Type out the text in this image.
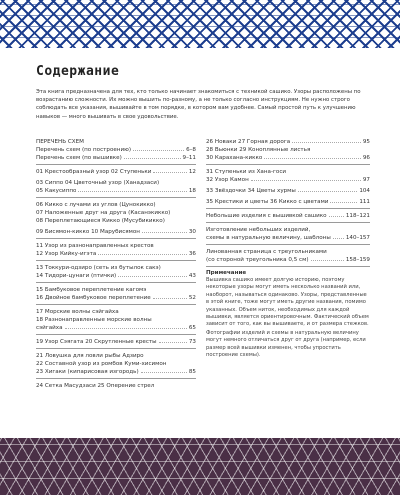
Содержание
Эта книга предназначена для тех, кто только начинает знакомиться с техникой сашико. Узоры расположены по возрастанию сложности. Их можно вышить по-разному, а не только согласно инструкциям. Не нужно строго соблюдать все указания, вышивайте в том порядке, в котором вам удобнее. Самый простой путь к улучшению навыков — много вышивать в свое удовольствие.
ПЕРЕЧЕНЬ СХЕМ
Перечень схем (по построению)	6–8
Перечень схем (по вышивке)	9–11
01 Крестообразный узор 02 Ступеньки	12
03 Сиппо 04 Цветочный узор (Ханадзаси)
05 Какусиппо	18
06 Кикко с лучами из углов (Цунокикко)
07 Наложенные друг на друга (Касанэкикко)
08 Переплетающиеся Кикко (Мусубикикко)
09 Бисямон-кикко 10 Марубисямон	30
11 Узор из разнонаправленных крестов
12 Узор Кийку-игэта	36
13 Токкури-одзиро (сеть из бутылок сакэ)
14 Тидори-цунаги (птички)	43
15 Бамбуковое переплетение кагомэ
16 Двойное бамбуковое переплетение	52
17 Морские волны сэйгайха
18 Разнонаправленные морские волны
сэйгайха	65
19 Узор Сэягата 20 Скрутленные кресты	73
21 Ловушка для ловли рыбы Адзиро
22 Составной узор из ромбов Куми-хисимон
23 Хигаки (кипарисовая изгородь)	85
24 Сетка Масудзаси 25 Оперение стрел
26 Новаки 27 Горная дорога	95
28 Вьюнки 29 Коноплянные листья
30 Караханa-кикко	96
31 Ступеньки из Хана-госи
32 Узор Камон	97
33 Звёздочки 34 Цветы хурмы	104
35 Крестики и цветы 36 Кикко с цветами	111
Небольшие изделия с вышивкой сашико	118–121
Изготовление небольших изделий,
схемы в натуральную величину, шаблоны	140–157
Линованная страница с треугольниками
(со стороной треугольника 0,5 см)	158–159
Примечание
Вышивка сашико имеет долгую историю, поэтому некоторые узоры могут иметь несколько названий или, наоборот, называться одинаково. Узоры, представленные в этой книге, тоже могут иметь другие названия, помимо указанных. Объем ниток, необходимых для каждой вышивки, является ориентировочным. Фактический объем зависит от того, как вы вышиваете, и от размера стежков.
Фотографии изделий и схемы в натуральную величину могут немного отличаться друг от друга (например, если размер всей вышивки изменен, чтобы упростить построение схемы).
